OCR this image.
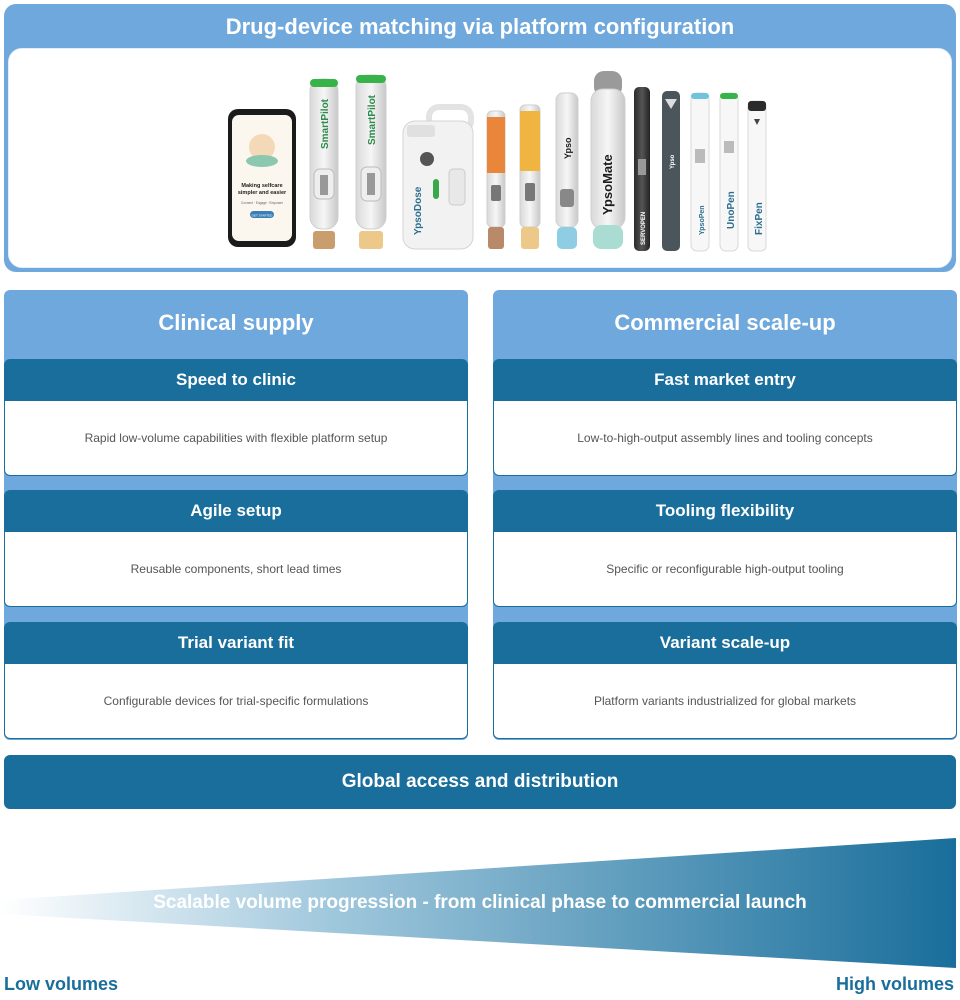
Drug-device matching via platform configuration
Making selfcare
simpler and easier
Connect · Engage · Empower
GET STARTED
SmartPilot	SmartPilot
YpsoDose
Ypso
YpsoMate
SERVOPEN
Ypso
YpsoPen UnoPen FixPen
Clinical supply
Speed to clinic
Rapid low-volume capabilities with flexible platform setup
Agile setup
Reusable components, short lead times
Trial variant fit
Configurable devices for trial-specific formulations
Commercial scale-up
Fast market entry
Low-to-high-output assembly lines and tooling concepts
Tooling flexibility
Specific or reconfigurable high-output tooling
Variant scale-up
Platform variants industrialized for global markets
Global access and distribution
Scalable volume progression - from clinical phase to commercial launch
Low volumes	High volumes
